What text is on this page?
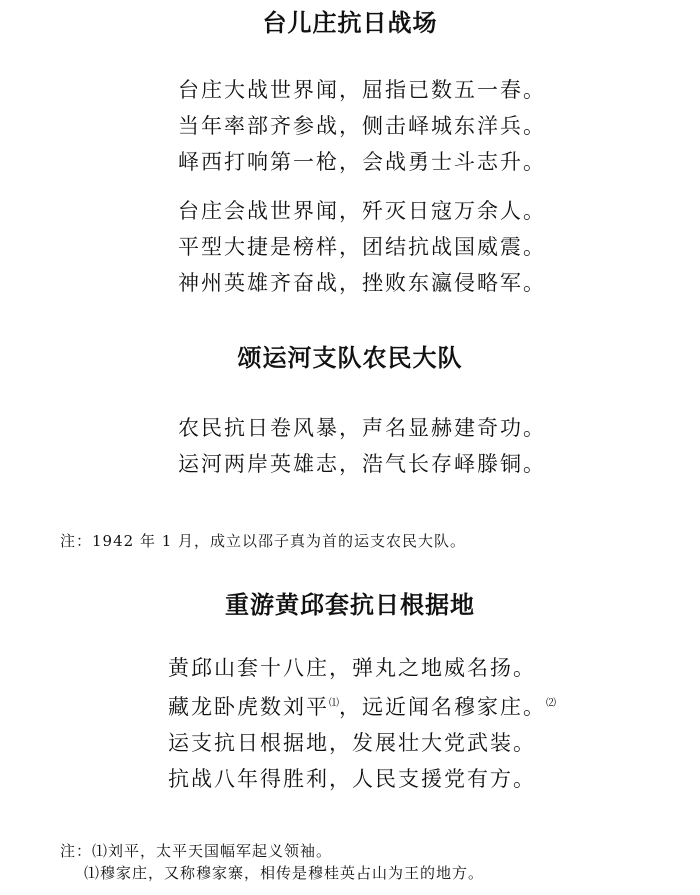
台儿庄抗日战场
台庄大战世界闻，屈指已数五一春。
当年率部齐参战，侧击峄城东洋兵。
峄西打响第一枪，会战勇士斗志升。
台庄会战世界闻，歼灭日寇万余人。
平型大捷是榜样，团结抗战国威震。
神州英雄齐奋战，挫败东瀛侵略军。
颂运河支队农民大队
农民抗日卷风暴，声名显赫建奇功。
运河两岸英雄志，浩气长存峄滕铜。

注：1942 年 1 月，成立以邵子真为首的运支农民大队。

重游黄邱套抗日根据地
黄邱山套十八庄，弹丸之地威名扬。
藏龙卧虎数刘平⑴，远近闻名穆家庄。⑵
运支抗日根据地，发展壮大党武装。
抗战八年得胜利，人民支援党有方。
注：⑴刘平，太平天国幅军起义领袖。
⑴穆家庄，又称穆家寨，相传是穆桂英占山为王的地方。
